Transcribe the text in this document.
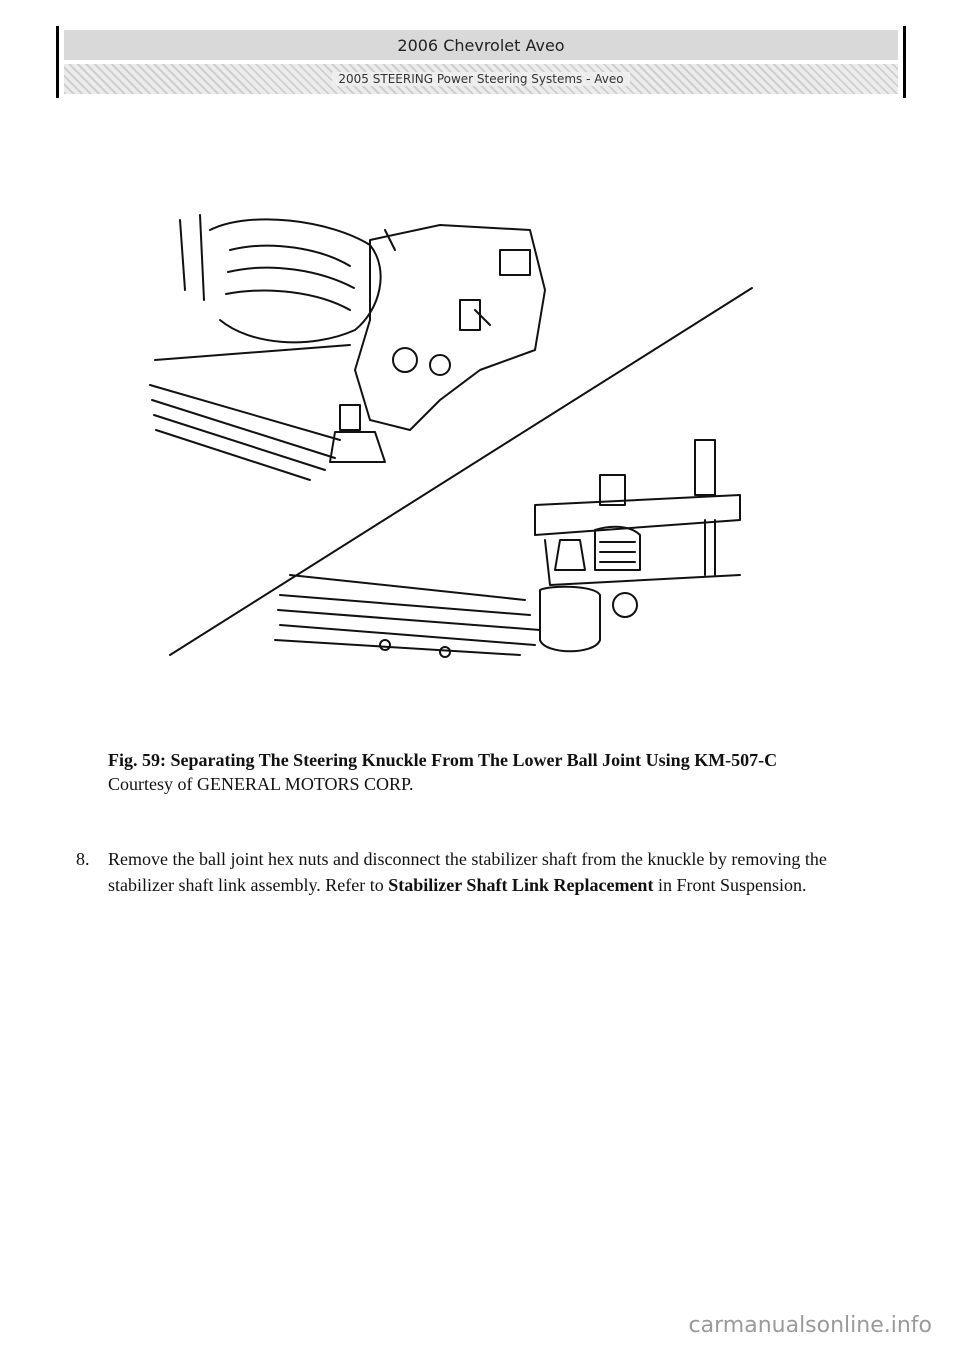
2006 Chevrolet Aveo
2005 STEERING Power Steering Systems - Aveo
Fig. 59: Separating The Steering Knuckle From The Lower Ball Joint Using KM-507-C
Courtesy of GENERAL MOTORS CORP.
8.	Remove the ball joint hex nuts and disconnect the stabilizer shaft from the knuckle by removing the stabilizer shaft link assembly. Refer to Stabilizer Shaft Link Replacement in Front Suspension.
carmanualsonline.info
